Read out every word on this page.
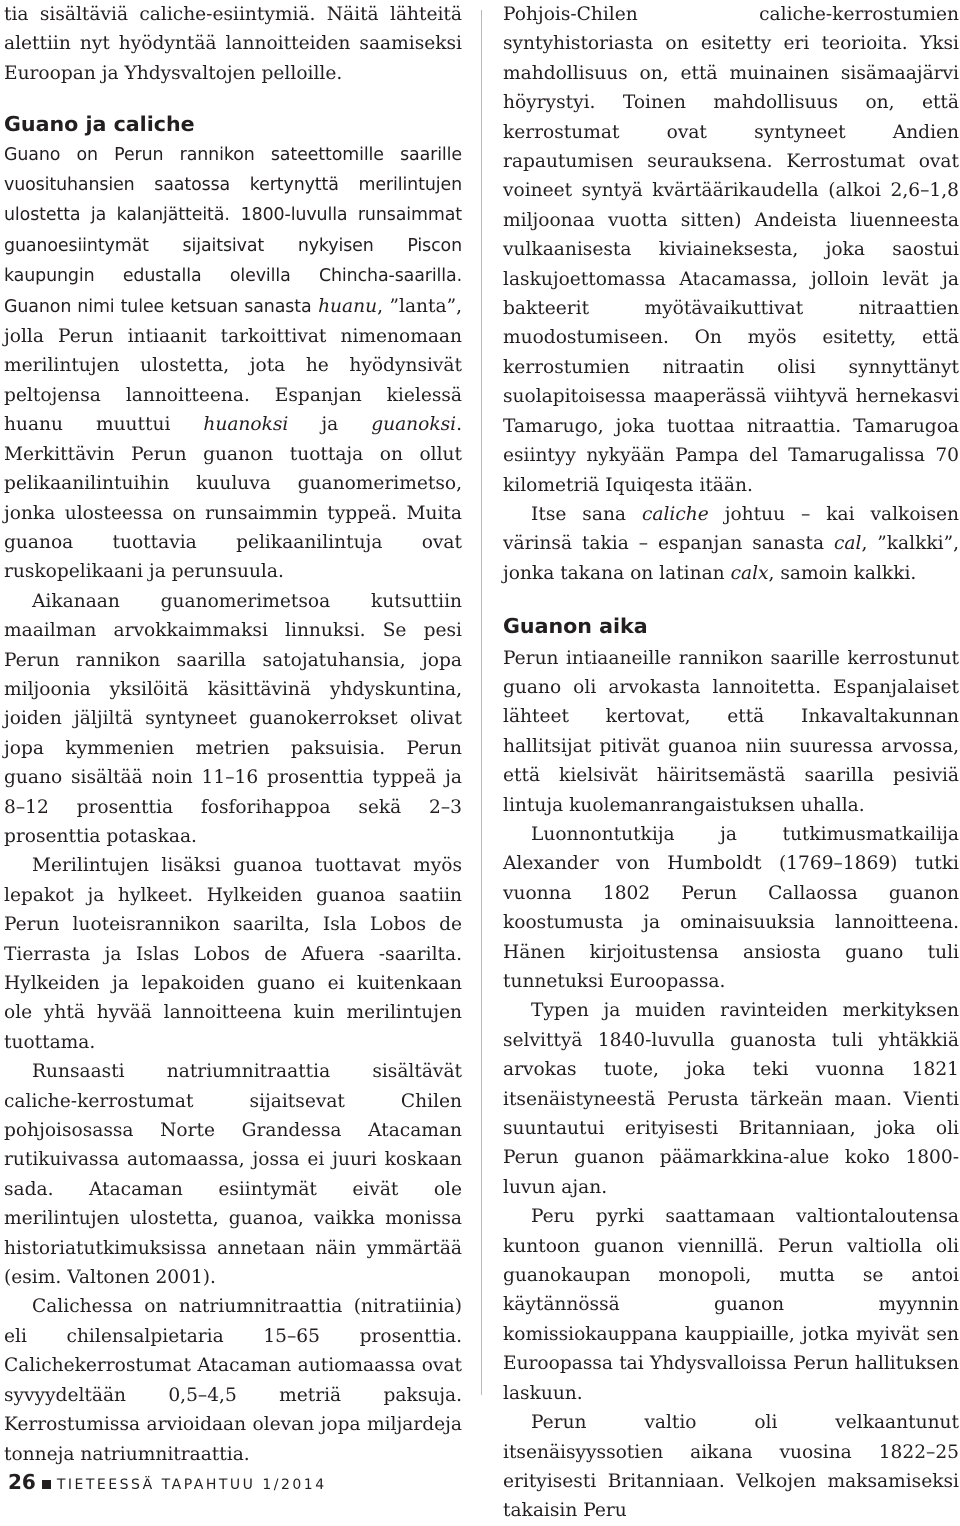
tia sisältäviä caliche-esiintymiä. Näitä lähteitä alettiin nyt hyödyntää lannoitteiden saamiseksi Euroopan ja Yhdysvaltojen pelloille.

Guano ja caliche

Guano on Perun rannikon sateettomille saarille vuosituhansien saatossa kertynyttä merilintujen ulostetta ja kalanjätteitä. 1800-luvulla runsaimmat guanoesiintymät sijaitsivat nykyisen Piscon kaupungin edustalla olevilla Chincha-saarilla. Guanon nimi tulee ketsuan sanasta huanu, ”lanta”, jolla Perun intiaanit tarkoittivat nimenomaan merilintujen ulostetta, jota he hyödynsivät peltojensa lannoitteena. Espanjan kielessä huanu muuttui huanoksi ja guanoksi. Merkittävin Perun guanon tuottaja on ollut pelikaanilintuihin kuuluva guanomerimetso, jonka ulosteessa on runsaimmin typpeä. Muita guanoa tuottavia pelikaanilintuja ovat ruskopelikaani ja perunsuula.

Aikanaan guanomerimetsoa kutsuttiin maailman arvokkaimmaksi linnuksi. Se pesi Perun rannikon saarilla satojatuhansia, jopa miljoonia yksilöitä käsittävinä yhdyskuntina, joiden jäljiltä syntyneet guanokerrokset olivat jopa kymmenien metrien paksuisia. Perun guano sisältää noin 11–16 prosenttia typpeä ja 8–12 prosenttia fosforihappoa sekä 2–3 prosenttia potaskaa.

Merilintujen lisäksi guanoa tuottavat myös lepakot ja hylkeet. Hylkeiden guanoa saatiin Perun luoteisrannikon saarilta, Isla Lobos de Tierrasta ja Islas Lobos de Afuera -saarilta. Hylkeiden ja lepakoiden guano ei kuitenkaan ole yhtä hyvää lannoitteena kuin merilintujen tuottama.

Runsaasti natriumnitraattia sisältävät caliche-kerrostumat sijaitsevat Chilen pohjoisosassa Norte Grandessa Atacaman rutikuivassa automaassa, jossa ei juuri koskaan sada. Atacaman esiintymät eivät ole merilintujen ulostetta, guanoa, vaikka monissa historiatutkimuksissa annetaan näin ymmärtää (esim. Valtonen 2001).

Calichessa on natriumnitraattia (nitratiinia) eli chilensalpietaria 15–65 prosenttia. Calichekerrostumat Atacaman autiomaassa ovat syvyydeltään 0,5–4,5 metriä paksuja. Kerrostumissa arvioidaan olevan jopa miljardeja tonneja natriumnitraattia.

Pohjois-Chilen caliche-kerrostumien syntyhistoriasta on esitetty eri teorioita. Yksi mahdollisuus on, että muinainen sisämaajärvi höyrystyi. Toinen mahdollisuus on, että kerrostumat ovat syntyneet Andien rapautumisen seurauksena. Kerrostumat ovat voineet syntyä kvärtäärikaudella (alkoi 2,6–1,8 miljoonaa vuotta sitten) Andeista liuenneesta vulkaanisesta kiviaineksesta, joka saostui laskujoettomassa Atacamassa, jolloin levät ja bakteerit myötävaikuttivat nitraattien muodostumiseen. On myös esitetty, että kerrostumien nitraatin olisi synnyttänyt suolapitoisessa maaperässä viihtyvä hernekasvi Tamarugo, joka tuottaa nitraattia. Tamarugoa esiintyy nykyään Pampa del Tamarugalissa 70 kilometriä Iquiqesta itään.

Itse sana caliche johtuu – kai valkoisen värinsä takia – espanjan sanasta cal, ”kalkki”, jonka takana on latinan calx, samoin kalkki.

Guanon aika

Perun intiaaneille rannikon saarille kerrostunut guano oli arvokasta lannoitetta. Espanjalaiset lähteet kertovat, että Inkavaltakunnan hallitsijat pitivät guanoa niin suuressa arvossa, että kielsivät häiritsemästä saarilla pesiviä lintuja kuolemanrangaistuksen uhalla.

Luonnontutkija ja tutkimusmatkailija Alexander von Humboldt (1769–1869) tutki vuonna 1802 Perun Callaossa guanon koostumusta ja ominaisuuksia lannoitteena. Hänen kirjoitustensa ansiosta guano tuli tunnetuksi Euroopassa.

Typen ja muiden ravinteiden merkityksen selvittyä 1840-luvulla guanosta tuli yhtäkkiä arvokas tuote, joka teki vuonna 1821 itsenäistyneestä Perusta tärkeän maan. Vienti suuntautui erityisesti Britanniaan, joka oli Perun guanon päämarkkina-alue koko 1800-luvun ajan.

Peru pyrki saattamaan valtiontaloutensa kuntoon guanon viennillä. Perun valtiolla oli guanokaupan monopoli, mutta se antoi käytännössä guanon myynnin komissiokauppana kauppiaille, jotka myivät sen Euroopassa tai Yhdysvalloissa Perun hallituksen laskuun.

Perun valtio oli velkaantunut itsenäisyyssotien aikana vuosina 1822–25 erityisesti Britanniaan. Velkojen maksamiseksi takaisin Peru

26 TIETEESSÄ TAPAHTUU 1/2014
